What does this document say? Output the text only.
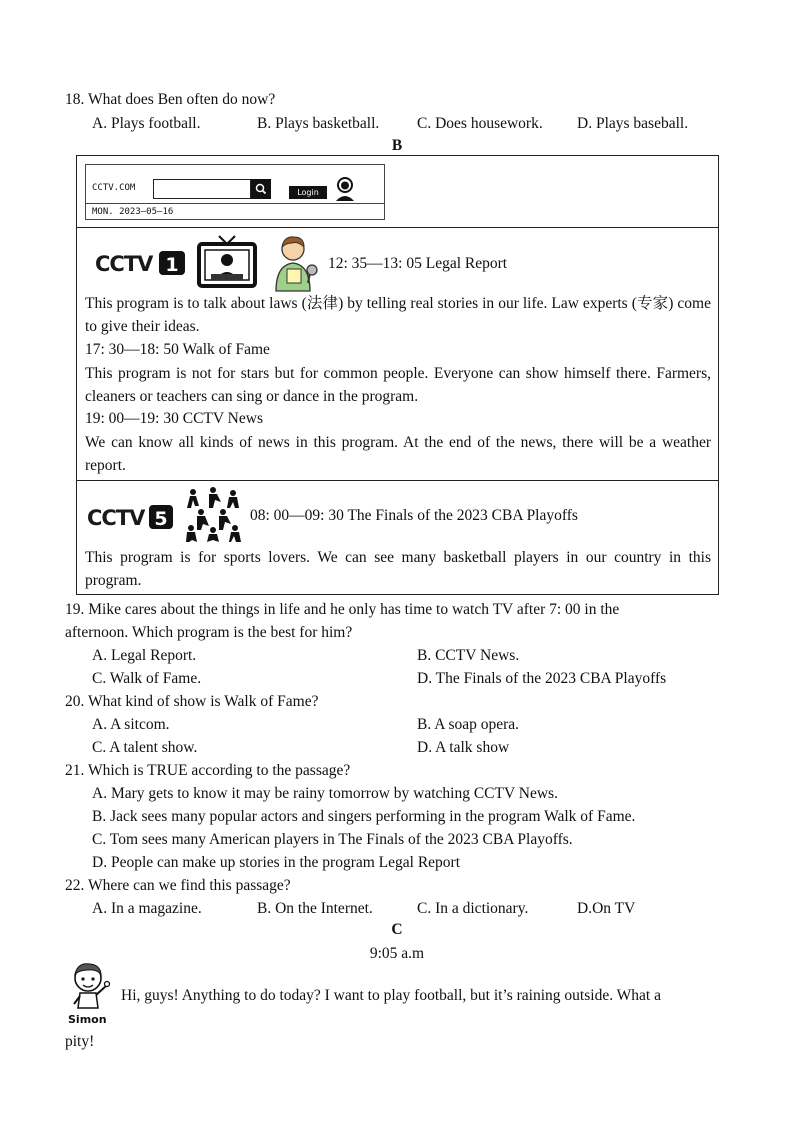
18. What does Ben often do now?
A. Plays football.	B. Plays basketball. C. Does housework. D. Plays baseball.
B
CCTV.COM	Login
MON. 2023—05—16
CCTV 1	12: 35—13: 05 Legal Report
This program is to talk about laws (法律) by telling real stories in our life. Law experts (专家) come to give their ideas.
17: 30—18: 50 Walk of Fame
This program is not for stars but for common people. Everyone can show himself there. Farmers, cleaners or teachers can sing or dance in the program.
19: 00—19: 30 CCTV News
We can know all kinds of news in this program. At the end of the news, there will be a weather report.
CCTV 5	08: 00—09: 30 The Finals of the 2023 CBA Playoffs
This program is for sports lovers. We can see many basketball players in our country in this program.
19. Mike cares about the things in life and he only has time to watch TV after 7: 00 in the
afternoon. Which program is the best for him?
A. Legal Report.	B. CCTV News.
C. Walk of Fame.	D. The Finals of the 2023 CBA Playoffs
20. What kind of show is Walk of Fame?
A. A sitcom.	B. A soap opera.
C. A talent show.	D. A talk show
21. Which is TRUE according to the passage?
A. Mary gets to know it may be rainy tomorrow by watching CCTV News.
B. Jack sees many popular actors and singers performing in the program Walk of Fame.
C. Tom sees many American players in The Finals of the 2023 CBA Playoffs.
D. People can make up stories in the program Legal Report
22. Where can we find this passage?
A. In a magazine.	B. On the Internet.	C. In a dictionary.	D.On TV
C
9:05 a.m
Simon
Hi, guys! Anything to do today? I want to play football, but it’s raining outside. What a
pity!
